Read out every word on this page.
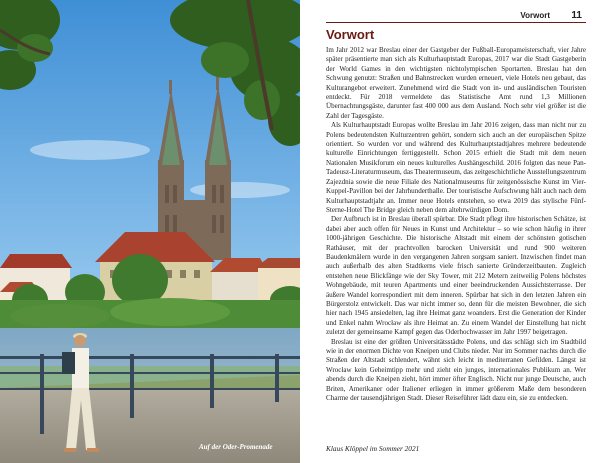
Auf der Oder-Promenade
Vorwort 11
Vorwort

Im Jahr 2012 war Breslau einer der Gastgeber der Fußball-Europameisterschaft, vier Jahre später präsentierte man sich als Kulturhauptstadt Europas, 2017 war die Stadt Gastgeberin der World Games in den wichtigsten nichtolympischen Sportarten. Breslau hat den Schwung genutzt: Straßen und Bahnstrecken wurden erneuert, viele Hotels neu gebaut, das Kulturangebot erweitert. Zunehmend wird die Stadt von in- und ausländischen Touristen entdeckt. Für 2018 vermeldete das Statistische Amt rund 1,3 Millionen Übernachtungsgäste, darunter fast 400 000 aus dem Ausland. Noch sehr viel größer ist die Zahl der Tagesgäste.

Als Kulturhauptstadt Europas wollte Breslau im Jahr 2016 zeigen, dass man nicht nur zu Polens bedeutendsten Kulturzentren gehört, sondern sich auch an der europäischen Spitze orientiert. So wurden vor und während des Kulturhauptstadtjahres mehrere bedeutende kulturelle Einrichtungen fertiggestellt. Schon 2015 erhielt die Stadt mit dem neuen Nationalen Musikforum ein neues kulturelles Aushängeschild. 2016 folgten das neue Pan-Tadeusz-Literaturmuseum, das Theatermuseum, das zeitgeschichtliche Ausstellungszentrum Zajezdnia sowie die neue Filiale des Nationalmuseums für zeitgenössische Kunst im Vier-Kuppel-Pavillon bei der Jahrhunderthalle. Der touristische Aufschwung hält auch nach dem Kulturhauptstadtjahr an. Immer neue Hotels entstehen, so etwa 2019 das stylische Fünf-Sterne-Hotel The Bridge gleich neben dem altehrwürdigen Dom.

Der Aufbruch ist in Breslau überall spürbar. Die Stadt pflegt ihre historischen Schätze, ist dabei aber auch offen für Neues in Kunst und Architektur – so wie schon häufig in ihrer 1000-jährigen Geschichte. Die historische Altstadt mit einem der schönsten gotischen Rathäuser, mit der prachtvollen barocken Universität und rund 900 weiteren Baudenkmälern wurde in den vergangenen Jahren sorgsam saniert. Inzwischen findet man auch außerhalb des alten Stadtkerns viele frisch sanierte Gründerzeitbauten. Zugleich entstehen neue Blickfänge wie der Sky Tower, mit 212 Metern zeitweilig Polens höchstes Wohngebäude, mit teuren Apartments und einer beeindruckenden Aussichtsterrasse. Der äußere Wandel korrespondiert mit dem inneren. Spürbar hat sich in den letzten Jahren ein Bürgerstolz entwickelt. Das war nicht immer so, denn für die meisten Bewohner, die sich hier nach 1945 ansiedelten, lag ihre Heimat ganz woanders. Erst die Generation der Kinder und Enkel nahm Wrocław als ihre Heimat an. Zu einem Wandel der Einstellung hat nicht zuletzt der gemeinsame Kampf gegen das Oderhochwasser im Jahr 1997 beigetragen.

Breslau ist eine der größten Universitätsstädte Polens, und das schlägt sich im Stadtbild wie in der enormen Dichte von Kneipen und Clubs nieder. Nur im Sommer nachts durch die Straßen der Altstadt schlendert, wähnt sich leicht in mediterranen Gefilden. Längst ist Wrocław kein Geheimtipp mehr und zieht ein junges, internationales Publikum an. Wer abends durch die Kneipen zieht, hört immer öfter Englisch. Nicht nur junge Deutsche, auch Briten, Amerikaner oder Italiener erliegen in immer größerem Maße dem besonderen Charme der tausendjährigen Stadt. Dieser Reiseführer lädt dazu ein, sie zu entdecken.

Klaus Klöppel im Sommer 2021
